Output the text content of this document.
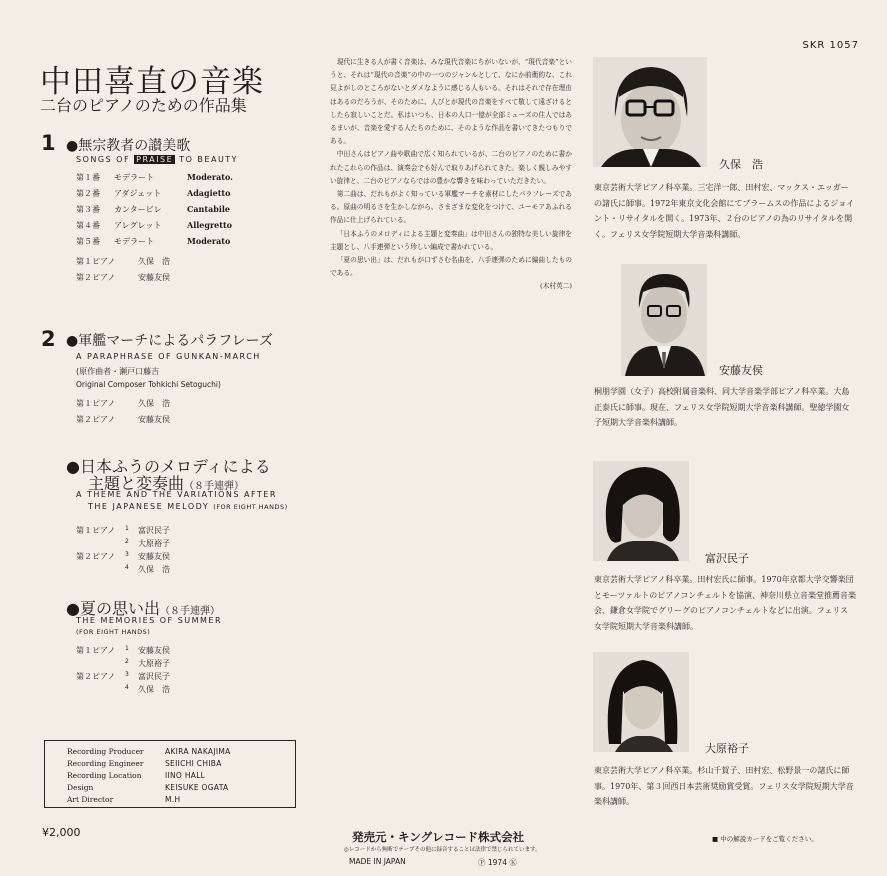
SKR 1057
中田喜直の音楽
二台のピアノのための作品集
1 ●無宗教者の讃美歌
SONGS OF PRAISE TO BEAUTY
第１番 モデラート	Moderato.
第２番 アダジェット	Adagietto
第３番 カンタービレ	Cantabile
第４番 アレグレット	Allegretto
第５番 モデラート	Moderato
第１ピアノ	久保　浩
第２ピアノ	安藤友侯
2 ●軍艦マーチによるパラフレーズ
A PARAPHRASE OF GUNKAN-MARCH
(原作曲者・瀬戸口藤吉
Original Composer Tohkichi Setoguchi)
第１ピアノ	久保　浩
第２ピアノ	安藤友侯
●日本ふうのメロディによる
主題と変奏曲（８手連弾）
A THEME AND THE VARIATIONS AFTER
THE JAPANESE MELODY (FOR EIGHT HANDS)
第１ピアノ 1 富沢民子
2 大原裕子
第２ピアノ 3 安藤友侯
4 久保　浩
●夏の思い出（８手連弾）
THE MEMORIES OF SUMMER
(FOR EIGHT HANDS)
第１ピアノ 1 安藤友侯
2 大原裕子
第２ピアノ 3 富沢民子
4 久保　浩
Recording Producer	AKIRA NAKAJIMA
Recording Engineer	SEIICHI CHIBA
Recording Location	IINO HALL
Design	KEISUKE OGATA
Art Director	M.H
¥2,000

現代に生きる人が書く音楽は、みな現代音楽にちがいないが、“現代音楽”というと、それは“現代の音楽”の中の一つのジャンルとして、なにか前衛的な、これ見よがしのところがないとダメなように感じる人もいる。それはそれで存在理由はあるのだろうが、そのために、人びとが現代の音楽をすべて敬して遠ざけるとしたら寂しいことだ。私はいつも、日本の人口一億が全部ミューズの住人ではあるまいが、音楽を愛する人たちのために、そのような作品を書いてきたつもりである。

中田さんはピアノ曲や歌曲で広く知られているが、二台のピアノのために書かれたこれらの作品は、演奏会でも好んで取りあげられてきた。楽しく親しみやすい旋律と、二台のピアノならではの豊かな響きを味わっていただきたい。

第二曲は、だれもがよく知っている軍艦マーチを素材にしたパラフレーズである。原曲の明るさを生かしながら、さまざまな変化をつけて、ユーモアあふれる作品に仕上げられている。

「日本ふうのメロディによる主題と変奏曲」は中田さんの独特な美しい旋律を主題とし、八手連弾という珍しい編成で書かれている。

「夏の思い出」は、だれもが口ずさむ名曲を、八手連弾のために編曲したものである。

(木村英二)

発売元・キングレコード株式会社
◎レコードから無断でテープその他に録音することは法律で禁じられています。
MADE IN JAPAN	Ⓟ 1974 Ⓚ
久保　浩
東京芸術大学ピアノ科卒業。三宅洋一郎、田村宏、マックス・エッガーの諸氏に師事。1972年東京文化会館にてブラームスの作品によるジョイント・リサイタルを開く。1973年、２台のピアノの為のリサイタルを開く。フェリス女学院短期大学音楽科講師。
安藤友侯
桐朋学園（女子）高校附属音楽科、同大学音楽学部ピアノ科卒業。大島正泰氏に師事。現在、フェリス女学院短期大学音楽科講師。聖徳学園女子短期大学音楽科講師。
富沢民子
東京芸術大学ピアノ科卒業。田村宏氏に師事。1970年京都大学交響楽団とモーツァルトのピアノコンチェルトを協演、神奈川県立音楽堂推薦音楽会、鎌倉女学院でグリーグのピアノコンチェルトなどに出演。フェリス女学院短期大学音楽科講師。
大原裕子
東京芸術大学ピアノ科卒業。杉山千賀子、田村宏、松野景一の諸氏に師事。1970年、第３回西日本芸術奨励賞受賞。フェリス女学院短期大学音楽科講師。
■ 中の解説カードをご覧ください。
